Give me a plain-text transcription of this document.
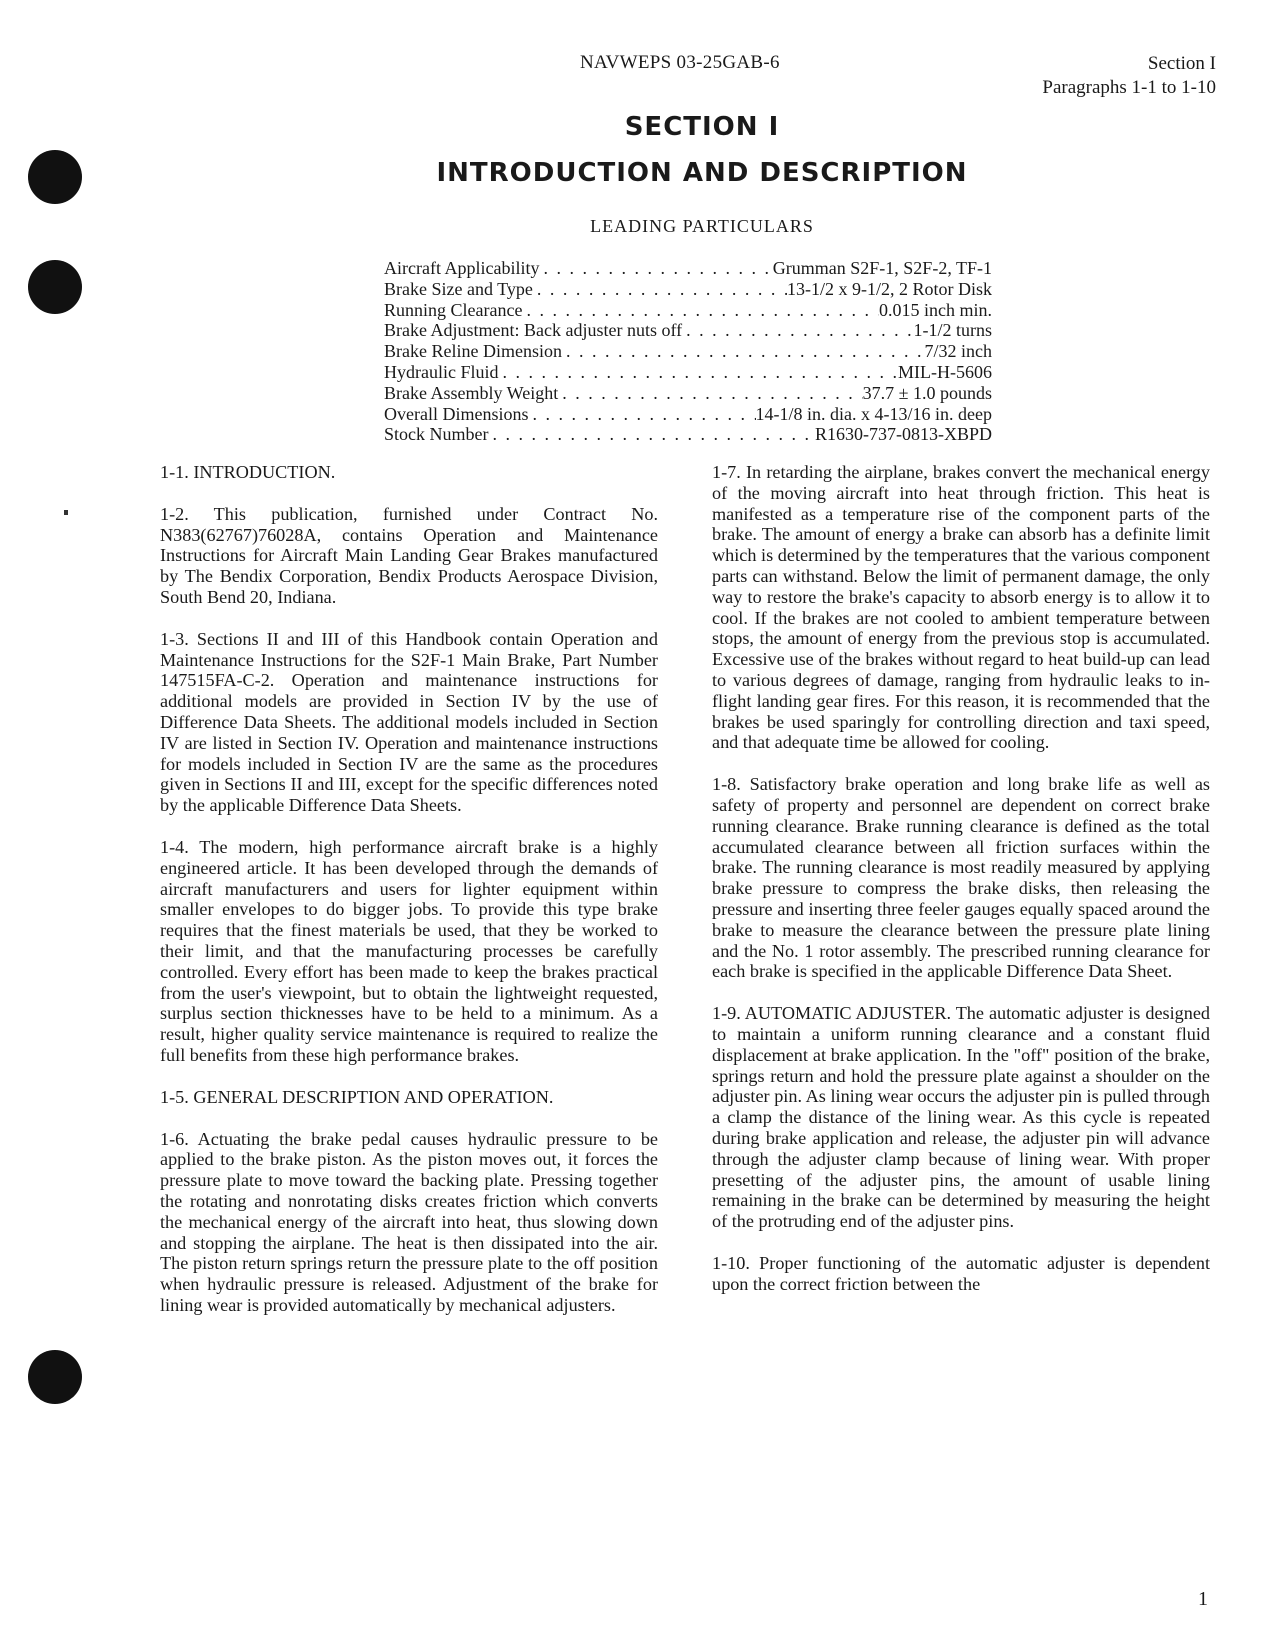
NAVWEPS 03-25GAB-6	Section I
Paragraphs 1-1 to 1-10
SECTION I
INTRODUCTION AND DESCRIPTION
LEADING PARTICULARS
Aircraft Applicability . . .	Grumman S2F-1, S2F-2, TF-1
Brake Size and Type . . .	13-1/2 x 9-1/2, 2 Rotor Disk
Running Clearance . . .	0.015 inch min.
Brake Adjustment: Back adjuster nuts off . . .	1-1/2 turns
Brake Reline Dimension . . .	7/32 inch
Hydraulic Fluid . . .	MIL-H-5606
Brake Assembly Weight . . .	37.7 ± 1.0 pounds
Overall Dimensions . . .	14-1/8 in. dia. x 4-13/16 in. deep
Stock Number . . .	R1630-737-0813-XBPD

1-1. INTRODUCTION.

1-2. This publication, furnished under Contract No. N383(62767)76028A, contains Operation and Maintenance Instructions for Aircraft Main Landing Gear Brakes manufactured by The Bendix Corporation, Bendix Products Aerospace Division, South Bend 20, Indiana.

1-3. Sections II and III of this Handbook contain Operation and Maintenance Instructions for the S2F-1 Main Brake, Part Number 147515FA-C-2. Operation and maintenance instructions for additional models are provided in Section IV by the use of Difference Data Sheets. The additional models included in Section IV are listed in Section IV. Operation and maintenance instructions for models included in Section IV are the same as the procedures given in Sections II and III, except for the specific differences noted by the applicable Difference Data Sheets.

1-4. The modern, high performance aircraft brake is a highly engineered article. It has been developed through the demands of aircraft manufacturers and users for lighter equipment within smaller envelopes to do bigger jobs. To provide this type brake requires that the finest materials be used, that they be worked to their limit, and that the manufacturing processes be carefully controlled. Every effort has been made to keep the brakes practical from the user's viewpoint, but to obtain the lightweight requested, surplus section thicknesses have to be held to a minimum. As a result, higher quality service maintenance is required to realize the full benefits from these high performance brakes.

1-5. GENERAL DESCRIPTION AND OPERATION.

1-6. Actuating the brake pedal causes hydraulic pressure to be applied to the brake piston. As the piston moves out, it forces the pressure plate to move toward the backing plate. Pressing together the rotating and nonrotating disks creates friction which converts the mechanical energy of the aircraft into heat, thus slowing down and stopping the airplane. The heat is then dissipated into the air. The piston return springs return the pressure plate to the off position when hydraulic pressure is released. Adjustment of the brake for lining wear is provided automatically by mechanical adjusters.

1-7. In retarding the airplane, brakes convert the mechanical energy of the moving aircraft into heat through friction. This heat is manifested as a temperature rise of the component parts of the brake. The amount of energy a brake can absorb has a definite limit which is determined by the temperatures that the various component parts can withstand. Below the limit of permanent damage, the only way to restore the brake's capacity to absorb energy is to allow it to cool. If the brakes are not cooled to ambient temperature between stops, the amount of energy from the previous stop is accumulated. Excessive use of the brakes without regard to heat build-up can lead to various degrees of damage, ranging from hydraulic leaks to in-flight landing gear fires. For this reason, it is recommended that the brakes be used sparingly for controlling direction and taxi speed, and that adequate time be allowed for cooling.

1-8. Satisfactory brake operation and long brake life as well as safety of property and personnel are dependent on correct brake running clearance. Brake running clearance is defined as the total accumulated clearance between all friction surfaces within the brake. The running clearance is most readily measured by applying brake pressure to compress the brake disks, then releasing the pressure and inserting three feeler gauges equally spaced around the brake to measure the clearance between the pressure plate lining and the No. 1 rotor assembly. The prescribed running clearance for each brake is specified in the applicable Difference Data Sheet.

1-9. AUTOMATIC ADJUSTER. The automatic adjuster is designed to maintain a uniform running clearance and a constant fluid displacement at brake application. In the "off" position of the brake, springs return and hold the pressure plate against a shoulder on the adjuster pin. As lining wear occurs the adjuster pin is pulled through a clamp the distance of the lining wear. As this cycle is repeated during brake application and release, the adjuster pin will advance through the adjuster clamp because of lining wear. With proper presetting of the adjuster pins, the amount of usable lining remaining in the brake can be determined by measuring the height of the protruding end of the adjuster pins.

1-10. Proper functioning of the automatic adjuster is dependent upon the correct friction between the

1
